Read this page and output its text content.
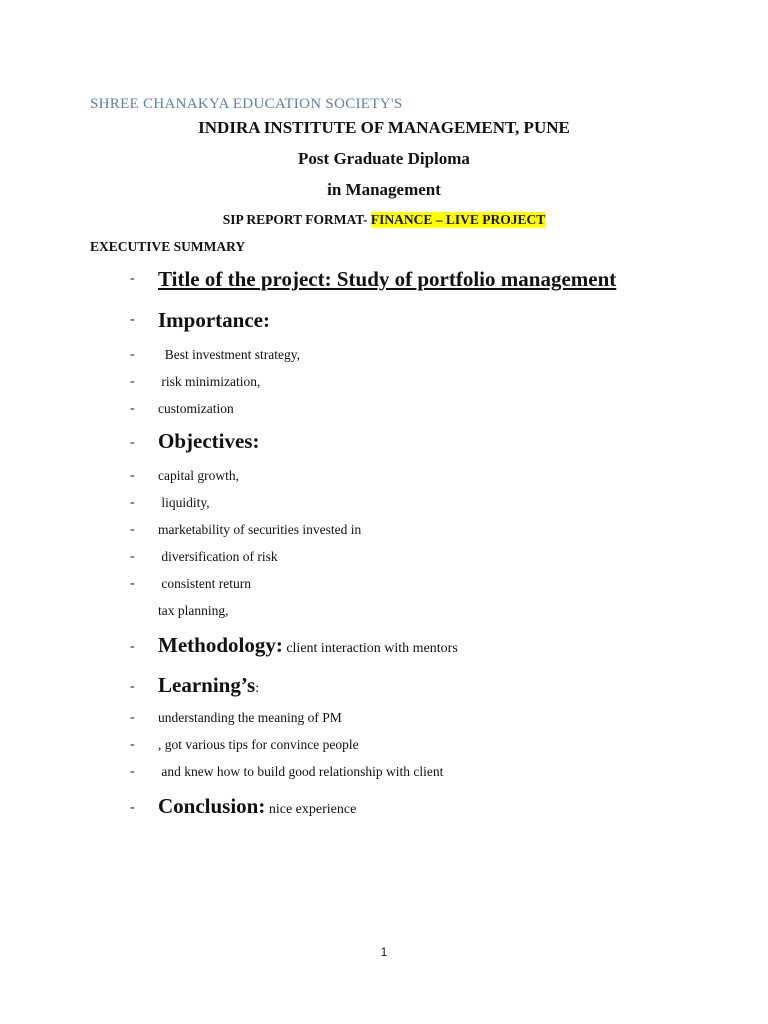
SHREE CHANAKYA EDUCATION SOCIETY'S
INDIRA INSTITUTE OF MANAGEMENT, PUNE
Post Graduate Diploma
in Management
SIP REPORT FORMAT- FINANCE – LIVE PROJECT
EXECUTIVE SUMMARY
- Title of the project: Study of portfolio management
- Importance:
- Best investment strategy,
- risk minimization,
- customization
- Objectives:
- capital growth,
- liquidity,
- marketability of securities invested in
- diversification of risk
- consistent return
tax planning,
- Methodology: client interaction with mentors
- Learning’s:
- understanding the meaning of PM
- , got various tips for convince people
- and knew how to build good relationship with client
- Conclusion: nice experience
1
